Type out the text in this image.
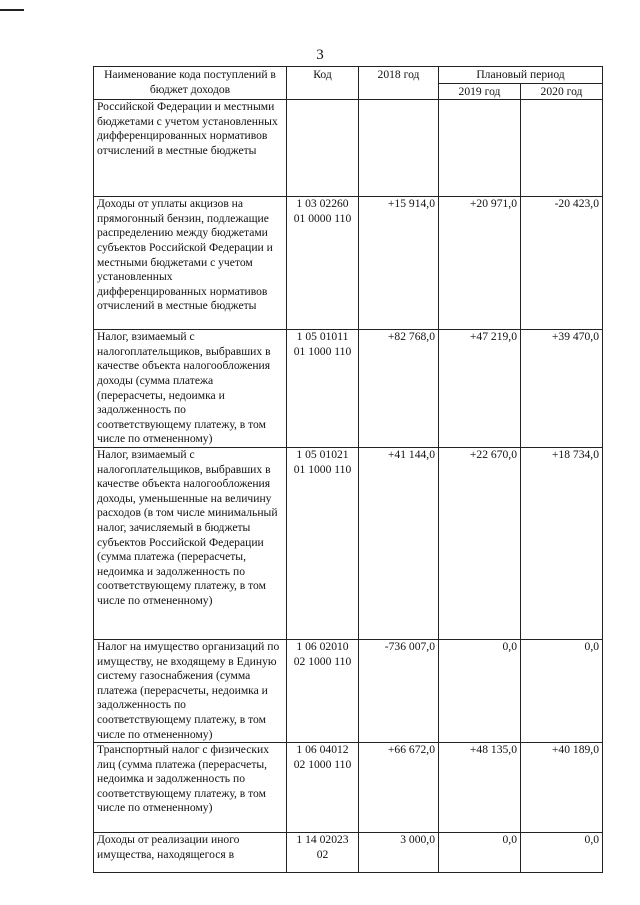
3
Наименование кода поступлений в бюджет доходов	Код	2018 год	Плановый период	
			2019 год	2020 год
Российской Федерации и местными бюджетами с учетом установленных дифференцированных нормативов отчислений в местные бюджеты				
Доходы от уплаты акцизов на прямогонный бензин, подлежащие распределению между бюджетами субъектов Российской Федерации и местными бюджетами с учетом установленных дифференцированных нормативов отчислений в местные бюджеты	1 03 02260 01 0000 110	+15 914,0	+20 971,0	-20 423,0
Налог, взимаемый с налогоплательщиков, выбравших в качестве объекта налогообложения доходы (сумма платежа (перерасчеты, недоимка и задолженность по соответствующему платежу, в том числе по отмененному)	1 05 01011 01 1000 110	+82 768,0	+47 219,0	+39 470,0
Налог, взимаемый с налогоплательщиков, выбравших в качестве объекта налогообложения доходы, уменьшенные на величину расходов (в том числе минимальный налог, зачисляемый в бюджеты субъектов Российской Федерации (сумма платежа (перерасчеты, недоимка и задолженность по соответствующему платежу, в том числе по отмененному)	1 05 01021 01 1000 110	+41 144,0	+22 670,0	+18 734,0
Налог на имущество организаций по имуществу, не входящему в Единую систему газоснабжения (сумма платежа (перерасчеты, недоимка и задолженность по соответствующему платежу, в том числе по отмененному)	1 06 02010 02 1000 110	-736 007,0	0,0	0,0
Транспортный налог с физических лиц (сумма платежа (перерасчеты, недоимка и задолженность по соответствующему платежу, в том числе по отмененному)	1 06 04012 02 1000 110	+66 672,0	+48 135,0	+40 189,0
Доходы от реализации иного имущества, находящегося в	1 14 02023 02	3 000,0	0,0	0,0
